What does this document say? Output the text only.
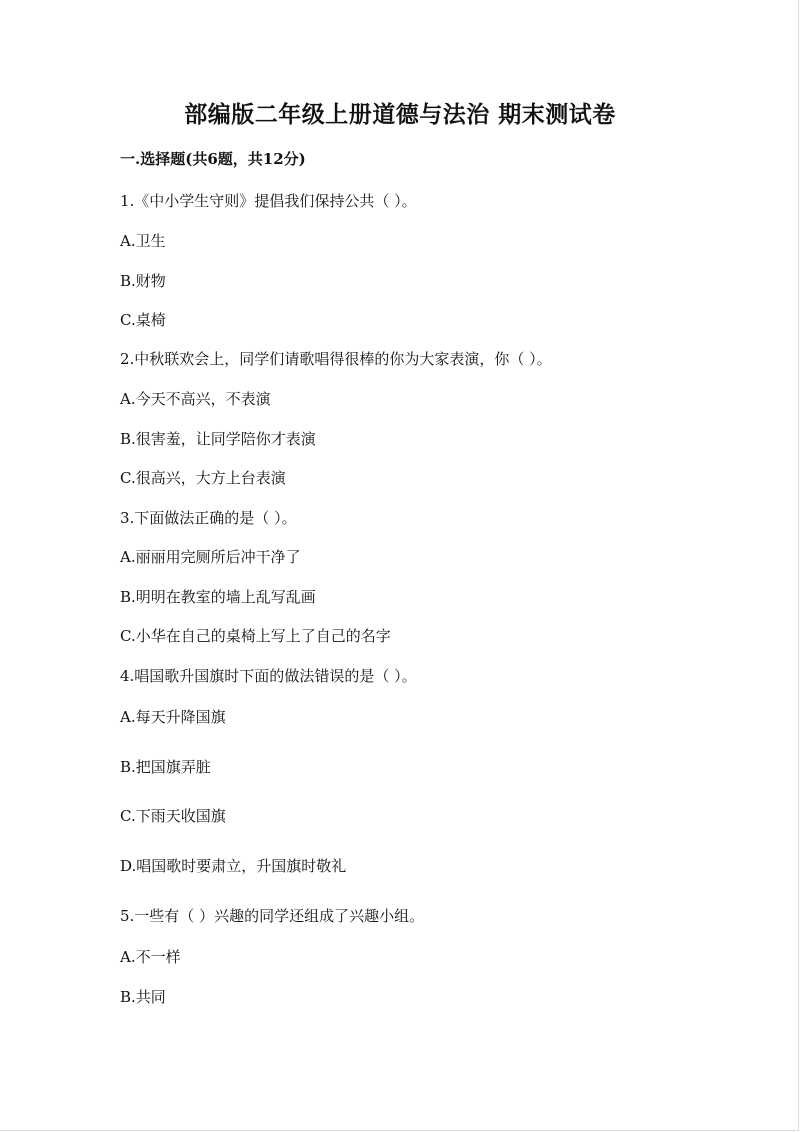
部编版二年级上册道德与法治 期末测试卷
一.选择题(共6题，共12分)
1.《中小学生守则》提倡我们保持公共（ ）。
A.卫生
B.财物
C.桌椅
2.中秋联欢会上，同学们请歌唱得很棒的你为大家表演，你（ ）。
A.今天不高兴，不表演
B.很害羞，让同学陪你才表演
C.很高兴，大方上台表演
3.下面做法正确的是（ ）。
A.丽丽用完厕所后冲干净了
B.明明在教室的墙上乱写乱画
C.小华在自己的桌椅上写上了自己的名字
4.唱国歌升国旗时下面的做法错误的是（ ）。
A.每天升降国旗
B.把国旗弄脏
C.下雨天收国旗
D.唱国歌时要肃立，升国旗时敬礼
5.一些有（ ）兴趣的同学还组成了兴趣小组。
A.不一样
B.共同
